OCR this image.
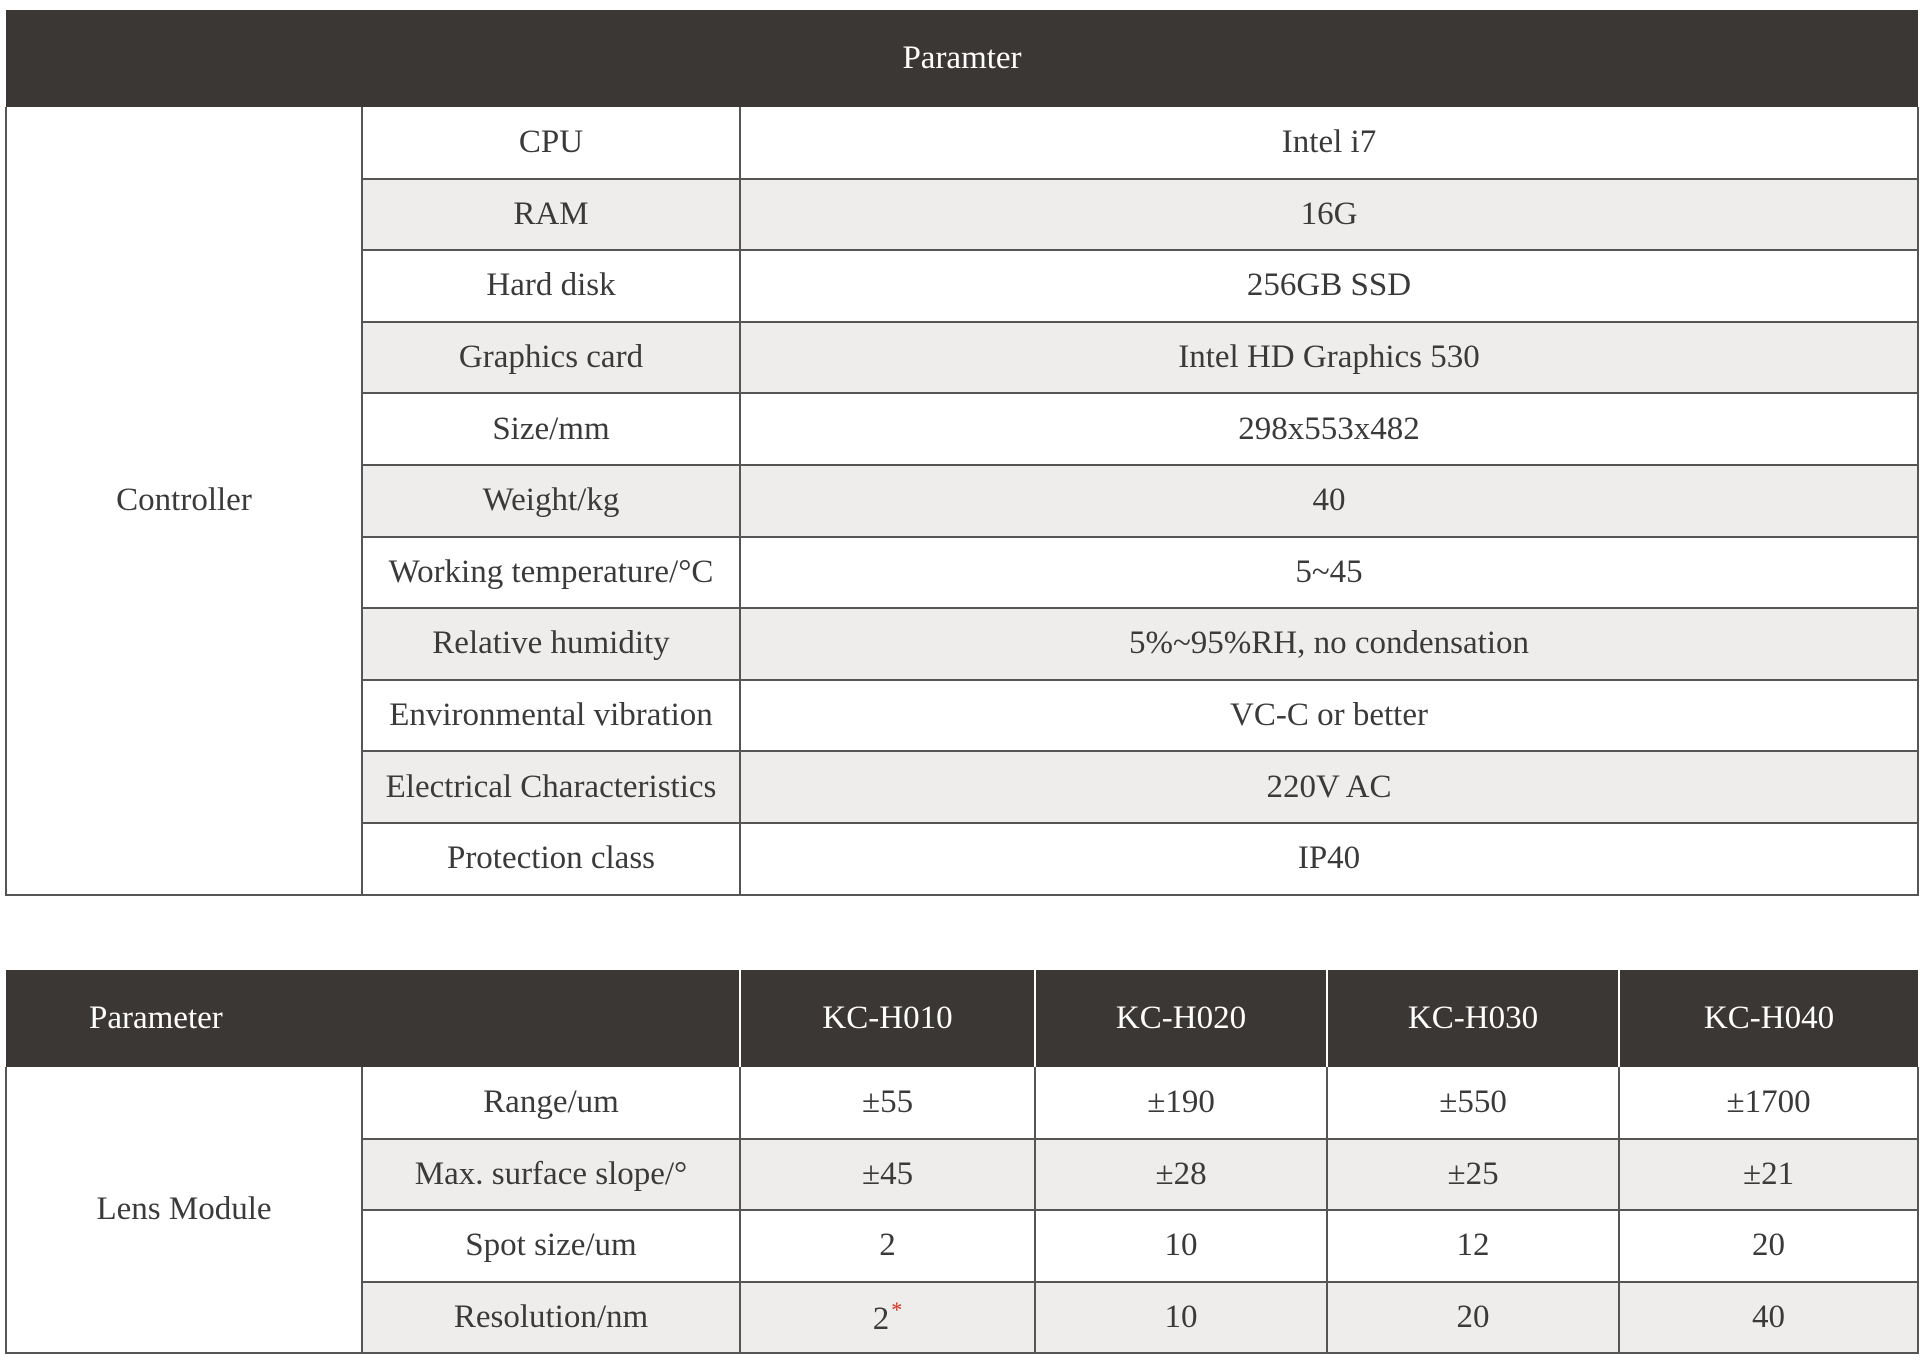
Paramter		
Controller	CPU	Intel i7
	RAM	16G
	Hard disk	256GB SSD
	Graphics card	Intel HD Graphics 530
	Size/mm	298x553x482
	Weight/kg	40
	Working temperature/°C	5~45
	Relative humidity	5%~95%RH, no condensation
	Environmental vibration	VC-C or better
	Electrical Characteristics	220V AC
	Protection class	IP40
Parameter		KC-H010	KC-H020	KC-H030	KC-H040
Lens Module	Range/um	±55	±190	±550	±1700
	Max. surface slope/°	±45	±28	±25	±21
	Spot size/um	2	10	12	20
	Resolution/nm	2*	10	20	40
